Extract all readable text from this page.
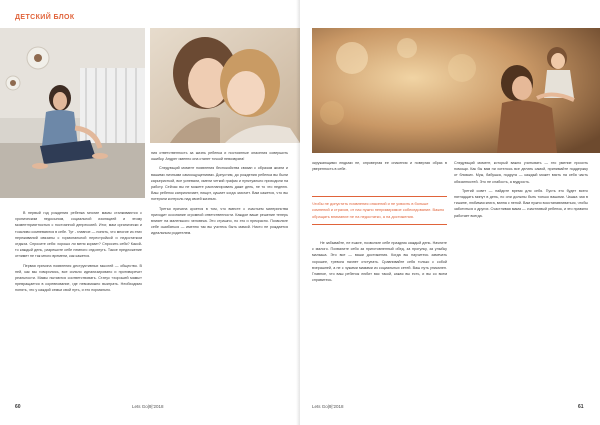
ДЕТСКИЙ БЛОК

В первый год рождения ребенка многие мамы сталкиваются с хроническим недосыпом, социальной изоляцией и этому моментприятностью с постоянной депрессией. Итог, мам органически и тоскливо сомневаются в себе. Тут - главное — понять, что многие из этих переживаний связаны с гормональной перестройкой и недостатком отдыха. Спросите себя: хорошо ли меня кормит? Спросить себя? Какой-то каждый день, разрешите себе немного отдохнуть. Такое предложение отнимет не так много времени, как кажется.

Первая причина появления деструктивных мыслей — общество. В ней, как мы говорились, все сильно идеализировано и противоречит реальности. Мамы пытаются соответствовать. Статус «хорошей мамы» превращается в соревнование, где невозможно выиграть. Необходимо понять, что у каждой семьи свой путь, и это нормально.

ния ответственность за жизнь ребенка и постоянные опасения совершить ошибку. Андрег именно она станет точкой невозврата!

Следующий момент появления беспокойства связан с образом жизни и вашими личными самоощущениями. Допустим, до рождения ребенка вы были карьеристкой, все успевали, имели четкий график и пунктуально приходили на работу. Сейчас вы не можете распланировать даже день, не то что неделю. Ваш ребенок капризничает, пищит, кушает когда захочет. Вам кажется, что вы потеряли контроль над своей жизнью.

Третья причина кроется в том, что вместе с счастьем материнства приходит осознание огромной ответственности. Каждое ваше решение теперь влияет на маленького человека. Это страшно, но это и прекрасно. Позвольте себе ошибаться — именно так вы учитесь быть мамой. Никто не рождается идеальным родителем.

60	Lets Go|9|'2018

окружающими людьми не, опровергая ее опасения и повергая образ в уверенность в себе.

Чтобы не допустить появления опасений и не усвоить в больше сомнений и страхов, от нас нужно непримиримое собеседование. Важно обращать внимание не на недостатки, а на достижения.

Не забывайте, не ешьте, позвольте себе праздник каждый день. Начните с малого. Похвалите себя за приготовленный обед, за прогулку, за улыбку малыша. Это все — ваши достижения. Когда вы научитесь замечать хорошее, тревога начнет отступать. Сравнивайте себя только с собой вчерашней, а не с чужими мамами из социальных сетей. Ваш путь уникален. Главное, что ваш ребенок любит вас такой, какая вы есть, и вы со всем справитесь.

Следующий момент, который важно учитывать — это умение просить помощи. Как бы вам ни хотелось все делать самой, принимайте поддержку от близких. Муж, бабушка, подруга — каждый может взять на себя часть обязанностей. Это не слабость, а мудрость.

Третий совет — найдите время для себя. Пусть это будет всего пятнадцать минут в день, но они должны быть только вашими. Чашка чая в тишине, любимая книга, ванна с пеной. Вам нужно восстанавливаться, чтобы заботиться о других. Счастливая мама — счастливый ребенок, и это правило работает всегда.

Lets Go|9|'2018	61
